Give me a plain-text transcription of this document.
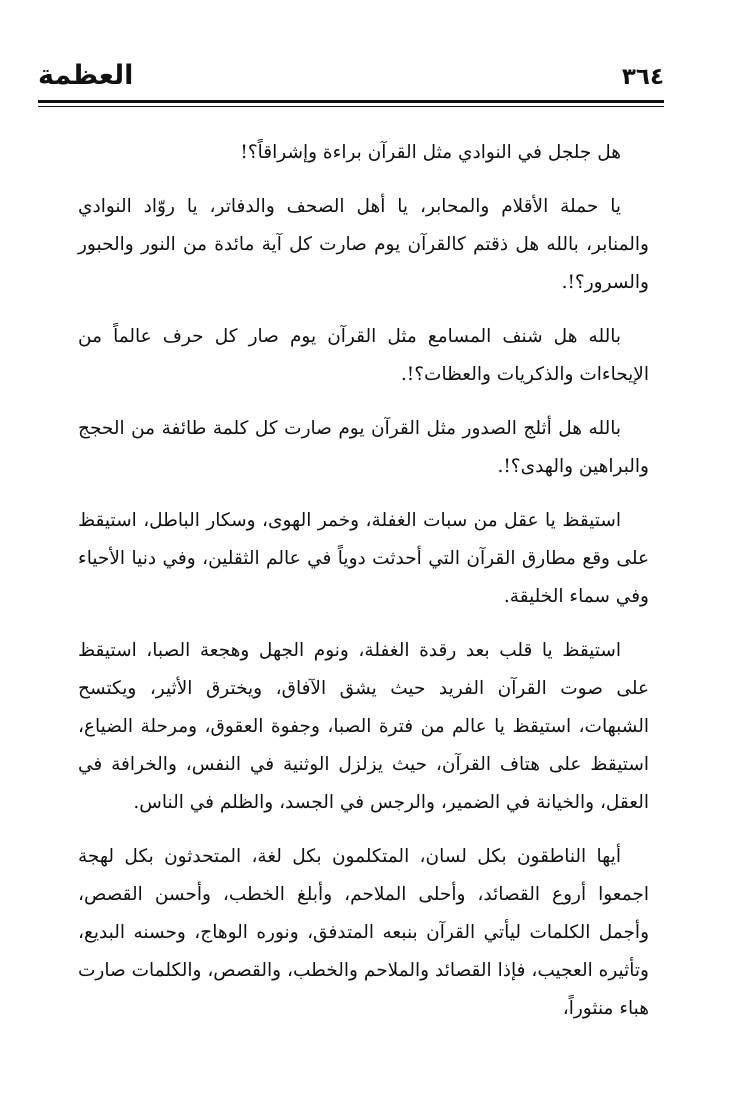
٣٦٤
العظمة

هل جلجل في النوادي مثل القرآن براءة وإشراقاً؟!

يا حملة الأقلام والمحابر، يا أهل الصحف والدفاتر، يا روّاد النوادي والمنابر، بالله هل ذقتم كالقرآن يوم صارت كل آية مائدة من النور والحبور والسرور؟!.

بالله هل شنف المسامع مثل القرآن يوم صار كل حرف عالماً من الإيحاءات والذكريات والعظات؟!.

بالله هل أثلج الصدور مثل القرآن يوم صارت كل كلمة طائفة من الحجج والبراهين والهدى؟!.

استيقظ يا عقل من سبات الغفلة، وخمر الهوى، وسكار الباطل، استيقظ على وقع مطارق القرآن التي أحدثت دوياً في عالم الثقلين، وفي دنيا الأحياء وفي سماء الخليقة.

استيقظ يا قلب بعد رقدة الغفلة، ونوم الجهل وهجعة الصبا، استيقظ على صوت القرآن الفريد حيث يشق الآفاق، ويخترق الأثير، ويكتسح الشبهات، استيقظ يا عالم من فترة الصبا، وجفوة العقوق، ومرحلة الضياع، استيقظ على هتاف القرآن، حيث يزلزل الوثنية في النفس، والخرافة في العقل، والخيانة في الضمير، والرجس في الجسد، والظلم في الناس.

أيها الناطقون بكل لسان، المتكلمون بكل لغة، المتحدثون بكل لهجة اجمعوا أروع القصائد، وأحلى الملاحم، وأبلغ الخطب، وأحسن القصص، وأجمل الكلمات ليأتي القرآن بنبعه المتدفق، ونوره الوهاج، وحسنه البديع، وتأثيره العجيب، فإذا القصائد والملاحم والخطب، والقصص، والكلمات صارت هباء منثوراً،
